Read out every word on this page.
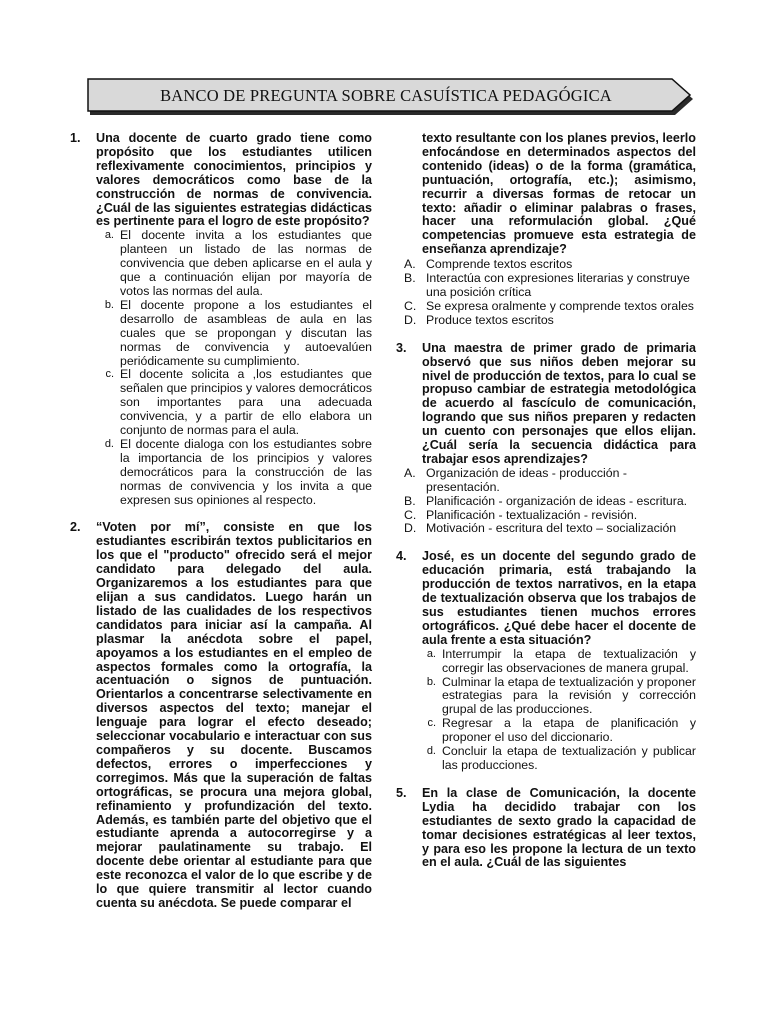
BANCO DE PREGUNTA SOBRE CASUÍSTICA PEDAGÓGICA
1. Una docente de cuarto grado tiene como propósito que los estudiantes utilicen reflexivamente conocimientos, principios y valores democráticos como base de la construcción de normas de convivencia. ¿Cuál de las siguientes estrategias didácticas es pertinente para el logro de este propósito?

a. El docente invita a los estudiantes que planteen un listado de las normas de convivencia que deben aplicarse en el aula y que a continuación elijan por mayoría de votos las normas del aula.

b. El docente propone a los estudiantes el desarrollo de asambleas de aula en las cuales que se propongan y discutan las normas de convivencia y autoevalúen periódicamente su cumplimiento.

c. El docente solicita a ,los estudiantes que señalen que principios y valores democráticos son importantes para una adecuada convivencia, y a partir de ello elabora un conjunto de normas para el aula.

d. El docente dialoga con los estudiantes sobre la importancia de los principios y valores democráticos para la construcción de las normas de convivencia y los invita a que expresen sus opiniones al respecto.

2. “Voten por mí”, consiste en que los estudiantes escribirán textos publicitarios en los que el "producto" ofrecido será el mejor candidato para delegado del aula. Organizaremos a los estudiantes para que elijan a sus candidatos. Luego harán un listado de las cualidades de los respectivos candidatos para iniciar así la campaña. Al plasmar la anécdota sobre el papel, apoyamos a los estudiantes en el empleo de aspectos formales como la ortografía, la acentuación o signos de puntuación. Orientarlos a concentrarse selectivamente en diversos aspectos del texto; manejar el lenguaje para lograr el efecto deseado; seleccionar vocabulario e interactuar con sus compañeros y su docente. Buscamos defectos, errores o imperfecciones y corregimos. Más que la superación de faltas ortográficas, se procura una mejora global, refinamiento y profundización del texto. Además, es también parte del objetivo que el estudiante aprenda a autocorregirse y a mejorar paulatinamente su trabajo. El docente debe orientar al estudiante para que este reconozca el valor de lo que escribe y de lo que quiere transmitir al lector cuando cuenta su anécdota. Se puede comparar el

texto resultante con los planes previos, leerlo enfocándose en determinados aspectos del contenido (ideas) o de la forma (gramática, puntuación, ortografía, etc.); asimismo, recurrir a diversas formas de retocar un texto: añadir o eliminar palabras o frases, hacer una reformulación global. ¿Qué competencias promueve esta estrategia de enseñanza aprendizaje?

A. Comprende textos escritos

B. Interactúa con expresiones literarias y construye una posición crítica

C. Se expresa oralmente y comprende textos orales

D. Produce textos escritos

3. Una maestra de primer grado de primaria observó que sus niños deben mejorar su nivel de producción de textos, para lo cual se propuso cambiar de estrategia metodológica de acuerdo al fascículo de comunicación, logrando que sus niños preparen y redacten un cuento con personajes que ellos elijan. ¿Cuál sería la secuencia didáctica para trabajar esos aprendizajes?

A. Organización de ideas - producción - presentación.

B. Planificación - organización de ideas - escritura.

C. Planificación - textualización - revisión.

D. Motivación - escritura del texto – socialización

4. José, es un docente del segundo grado de educación primaria, está trabajando la producción de textos narrativos, en la etapa de textualización observa que los trabajos de sus estudiantes tienen muchos errores ortográficos. ¿Qué debe hacer el docente de aula frente a esta situación?

a. Interrumpir la etapa de textualización y corregir las observaciones de manera grupal.

b. Culminar la etapa de textualización y proponer estrategias para la revisión y corrección grupal de las producciones.

c. Regresar a la etapa de planificación y proponer el uso del diccionario.

d. Concluir la etapa de textualización y publicar las producciones.

5. En la clase de Comunicación, la docente Lydia ha decidido trabajar con los estudiantes de sexto grado la capacidad de tomar decisiones estratégicas al leer textos, y para eso les propone la lectura de un texto en el aula. ¿Cuál de las siguientes
